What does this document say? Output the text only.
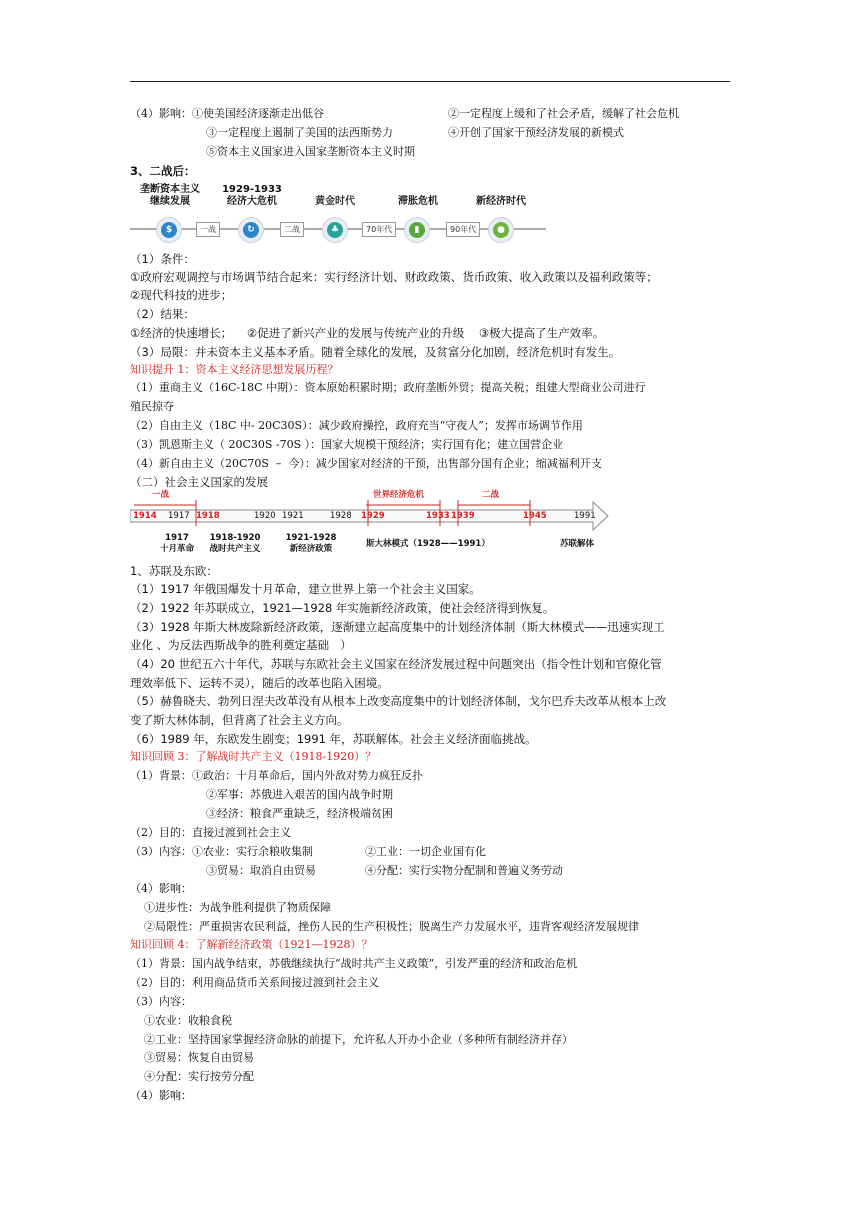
（4）影响：①使美国经济逐渐走出低谷	②一定程度上缓和了社会矛盾，缓解了社会危机
③一定程度上遏制了美国的法西斯势力	④开创了国家干预经济发展的新模式
⑤资本主义国家进入国家垄断资本主义时期
3、二战后：
垄断资本主义
继续发展
1929-1933
经济大危机	黄金时代	滞胀危机	新经济时代
$	↻	♣	▮	●
一战	二战	70年代	90年代
（1）条件：
①政府宏观调控与市场调节结合起来：实行经济计划、财政政策、货币政策、收入政策以及福利政策等；
②现代科技的进步；
（2）结果：
①经济的快速增长；    ②促进了新兴产业的发展与传统产业的升级    ③极大提高了生产效率。
（3）局限：并未资本主义基本矛盾。随着全球化的发展，及贫富分化加剧，经济危机时有发生。
知识提升 1：资本主义经济思想发展历程？
（1）重商主义（16C-18C 中期）：资本原始积累时期；政府垄断外贸；提高关税；组建大型商业公司进行
殖民掠夺
（2）自由主义（18C 中- 20C30S）：减少政府操控，政府充当“守夜人”；发挥市场调节作用
（3）凯恩斯主义（ 20C30S -70S ）：国家大规模干预经济；实行国有化；建立国营企业
（4）新自由主义（20C70S  –  今）：减少国家对经济的干预，出售部分国有企业；缩减福利开支
（二）社会主义国家的发展
一战	世界经济危机	二战
1914 1917 1918	1920 1921	1928 1929	1933 1939	1945	1991
1917
十月革命
1918-1920
战时共产主义
1921-1928
新经济政策	斯大林模式（1928——1991）	苏联解体
1、苏联及东欧：
（1）1917 年俄国爆发十月革命，建立世界上第一个社会主义国家。
（2）1922 年苏联成立，1921—1928 年实施新经济政策，使社会经济得到恢复。
（3）1928 年斯大林废除新经济政策，逐渐建立起高度集中的计划经济体制（斯大林模式——迅速实现工
业化 、为反法西斯战争的胜利奠定基础   ）
（4）20 世纪五六十年代，苏联与东欧社会主义国家在经济发展过程中问题突出（指令性计划和官僚化管
理效率低下、运转不灵），随后的改革也陷入困境。
（5）赫鲁晓夫、勃列日涅夫改革没有从根本上改变高度集中的计划经济体制，戈尔巴乔夫改革从根本上改
变了斯大林体制，但背离了社会主义方向。
（6）1989 年，东欧发生剧变；1991 年，苏联解体。社会主义经济面临挑战。
知识回顾 3：了解战时共产主义（1918-1920）？
（1）背景：①政治：十月革命后，国内外敌对势力疯狂反扑
②军事：苏俄进入艰苦的国内战争时期
③经济：粮食严重缺乏，经济极端贫困
（2）目的：直接过渡到社会主义
（3）内容：①农业：实行余粮收集制	②工业：一切企业国有化
③贸易：取消自由贸易	④分配：实行实物分配制和普遍义务劳动
（4）影响：
①进步性：为战争胜利提供了物质保障
②局限性：严重损害农民利益，挫伤人民的生产积极性；脱离生产力发展水平，违背客观经济发展规律
知识回顾 4：了解新经济政策（1921—1928）？
（1）背景：国内战争结束，苏俄继续执行“战时共产主义政策”，引发严重的经济和政治危机
（2）目的：利用商品货币关系间接过渡到社会主义
（3）内容：
①农业：收粮食税
②工业：坚持国家掌握经济命脉的前提下，允许私人开办小企业（多种所有制经济并存）
③贸易：恢复自由贸易
④分配：实行按劳分配
（4）影响：
